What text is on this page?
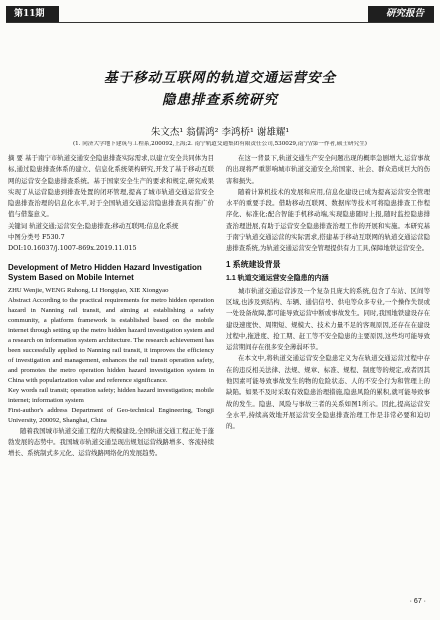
第11期	研究报告
基于移动互联网的轨道交通运营安全
隐患排查系统研究
朱文杰¹ 翁儒鸿² 李鸿桥¹ 谢雄耀¹
(1. 同济大学地下建筑与工程系,200092,上海;2. 南宁轨道交通集团有限责任公司,530029,南宁//第一作者,硕士研究生)

摘 要 基于南宁市轨道交通安全隐患排查实际需求,以建立安全共同体为目标,通过隐患排查体系的建立、信息化系统架构研究,开发了基于移动互联网的运营安全隐患排查系统。基于国家安全生产的要求和规定,研究成果实现了从运营隐患到排查处置的闭环管理,提高了城市轨道交通运营安全隐患排查治理的信息化水平,对于全国轨道交通运营隐患排查具有推广价值与借鉴意义。

关键词 轨道交通;运营安全;隐患排查;移动互联网;信息化系统

中图分类号 F530.7

DOI:10.16037/j.1007-869x.2019.11.015

Development of Metro Hidden Hazard Investigation System Based on Mobile Internet

ZHU Wenjie, WENG Ruhong, LI Hongqiao, XIE Xiongyao

Abstract According to the practical requirements for metro hidden operation hazard in Nanning rail transit, and aiming at establishing a safety community, a platform framework is established based on the mobile internet through setting up the metro hidden hazard investigation system and a research on information system architecture. The research achievement has been successfully applied to Nanning rail transit, it improves the efficiency of investigation and management, enhances the rail transit operation safety, and promotes the metro operation hidden hazard investigation system in China with popularization value and reference significance.

Key words rail transit; operation safety; hidden hazard investigation; mobile internet; information system

First-author's address Department of Geo-technical Engineering, Tongji University, 200092, Shanghai, China

随着我国城市轨道交通工程的大规模建设,全国轨道交通工程正处于蓬勃发展的态势中。我国城市轨道交通呈现出规划运营线路增多、客流持续增长、系统制式多元化、运营线路网络化的发展趋势。

在这一背景下,轨道交通生产安全问题出现的概率急剧增大,运营事故的出现将严重影响城市轨道交通安全,给国家、社会、群众造成巨大的伤害和损失。

随着计算机技术的发展和应用,信息化建设已成为提高运营安全管理水平的重要手段。借助移动互联网、数据库等技术可将隐患排查工作程序化、标准化;配合智能手机移动端,实现隐患随时上报,随时监控隐患排查治理进展,有助于运营安全隐患排查治理工作的开展和实施。本研究基于南宁轨道交通运营的实际需求,搭建基于移动互联网的轨道交通运营隐患排查系统,为轨道交通运营安全管理提供有力工具,保障地铁运营安全。

1 系统建设背景
1.1 轨道交通运营安全隐患的内涵

城市轨道交通运营涉及一个复杂且庞大的系统,包含了车站、区间等区域,也涉及到结构、车辆、通信信号、供电等众多专业,一个操作失误或一处设备故障,都可能导致运营中断或事故发生。同时,我国地铁建设存在建设速度快、周期短、规模大、技术力量不足的客观原因,还存在在建设过程中,拖进度、抢工期、赶工等不安全隐患的主要原因,这些均可能导致运营期间存在很多安全薄弱环节。

在本文中,将轨道交通运营安全隐患定义为在轨道交通运营过程中存在的违反相关法律、法规、规章、标准、规程、制度等的规定,或者因其他因素可能导致事故发生的物的危险状态、人的不安全行为和管理上的缺陷。如果不及时采取有效隐患治理措施,隐患风险的累积,就可能导致事故的发生。隐患、风险与事故三者的关系如图1所示。因此,提高运营安全水平,持续高效地开展运营安全隐患排查治理工作是非常必要和迫切的。

· 67 ·
